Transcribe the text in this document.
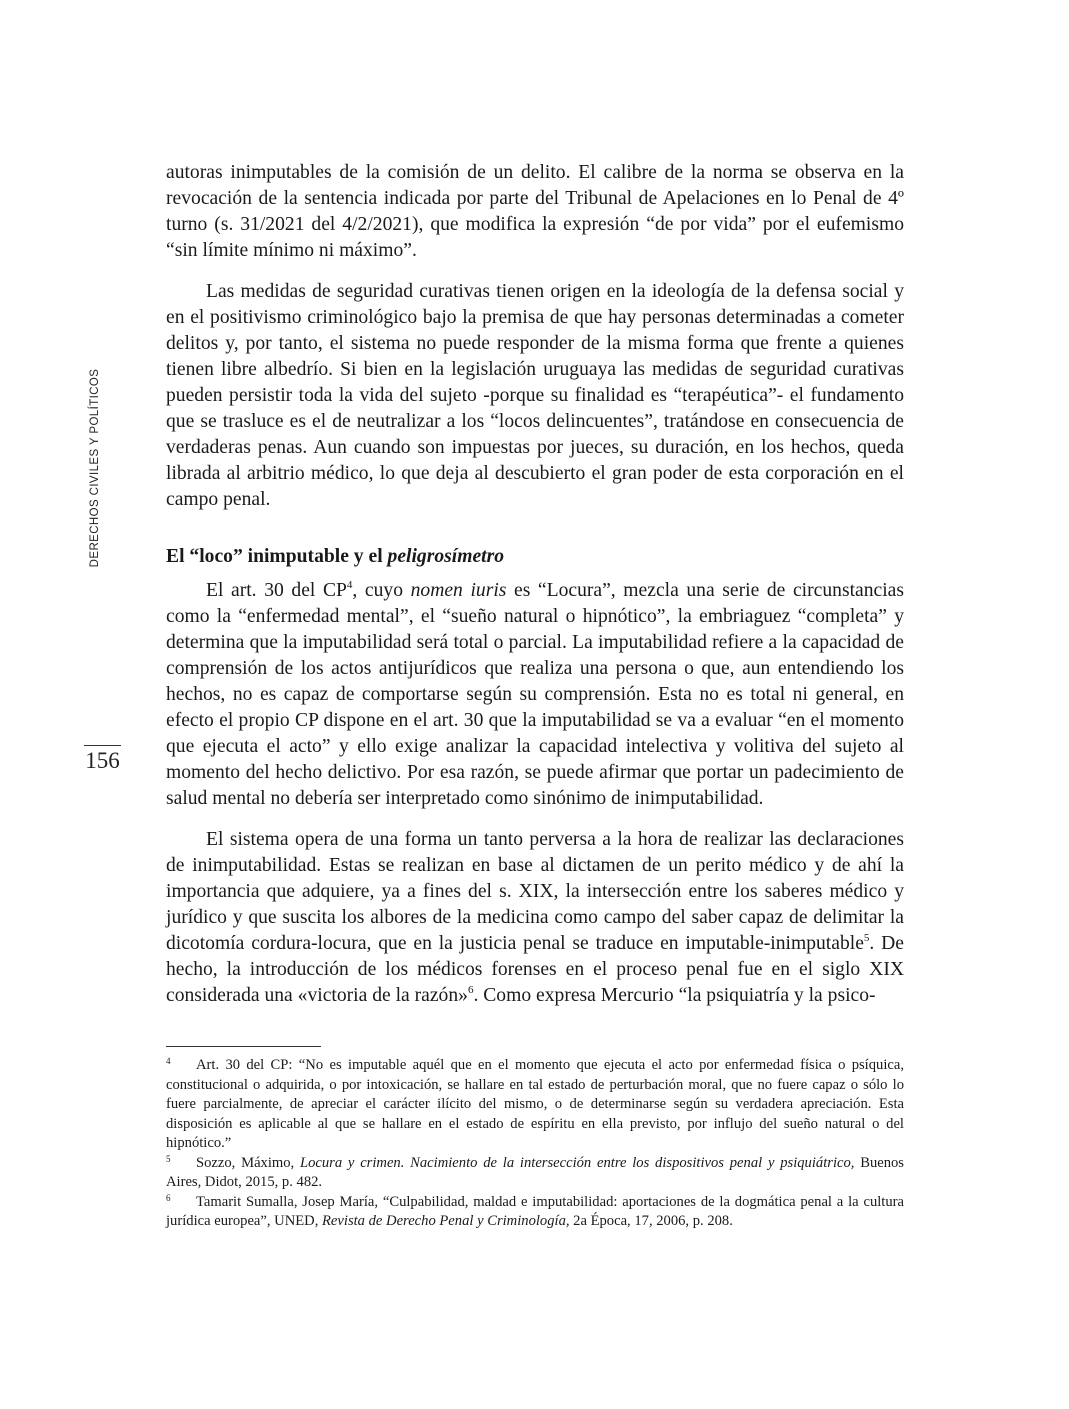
DERECHOS CIVILES Y POLÍTICOS
156

autoras inimputables de la comisión de un delito. El calibre de la norma se observa en la revocación de la sentencia indicada por parte del Tribunal de Apelaciones en lo Penal de 4º turno (s. 31/2021 del 4/2/2021), que modifica la expresión “de por vida” por el eufemismo “sin límite mínimo ni máximo”.

Las medidas de seguridad curativas tienen origen en la ideología de la defensa social y en el positivismo criminológico bajo la premisa de que hay personas determinadas a cometer delitos y, por tanto, el sistema no puede responder de la misma forma que frente a quienes tienen libre albedrío. Si bien en la legislación uruguaya las medidas de seguridad curativas pueden persistir toda la vida del sujeto -porque su finalidad es “terapéutica”- el fundamento que se trasluce es el de neutralizar a los “locos delincuentes”, tratándose en consecuencia de verdaderas penas. Aun cuando son impuestas por jueces, su duración, en los hechos, queda librada al arbitrio médico, lo que deja al descubierto el gran poder de esta corporación en el campo penal.

El “loco” inimputable y el peligrosímetro

El art. 30 del $CP^4$, cuyo nomen iuris es “Locura”, mezcla una serie de circunstancias como la “enfermedad mental”, el “sueño natural o hipnótico”, la embriaguez “completa” y determina que la imputabilidad será total o parcial. La imputabilidad refiere a la capacidad de comprensión de los actos antijurídicos que realiza una persona o que, aun entendiendo los hechos, no es capaz de comportarse según su comprensión. Esta no es total ni general, en efecto el propio CP dispone en el art. 30 que la imputabilidad se va a evaluar “en el momento que ejecuta el acto” y ello exige analizar la capacidad intelectiva y volitiva del sujeto al momento del hecho delictivo. Por esa razón, se puede afirmar que portar un padecimiento de salud mental no debería ser interpretado como sinónimo de inimputabilidad.

El sistema opera de una forma un tanto perversa a la hora de realizar las declaraciones de inimputabilidad. Estas se realizan en base al dictamen de un perito médico y de ahí la importancia que adquiere, ya a fines del s. XIX, la intersección entre los saberes médico y jurídico y que suscita los albores de la medicina como campo del saber capaz de delimitar la dicotomía cordura-locura, que en la justicia penal se traduce en imputable-inimputable$^5$. De hecho, la introducción de los médicos forenses en el proceso penal fue en el siglo XIX considerada una «victoria de la razón»$^6$. Como expresa Mercurio “la psiquiatría y la psico-

4 Art. 30 del CP: “No es imputable aquél que en el momento que ejecuta el acto por enfermedad física o psíquica, constitucional o adquirida, o por intoxicación, se hallare en tal estado de perturbación moral, que no fuere capaz o sólo lo fuere parcialmente, de apreciar el carácter ilícito del mismo, o de determinarse según su verdadera apreciación. Esta disposición es aplicable al que se hallare en el estado de espíritu en ella previsto, por influjo del sueño natural o del hipnótico.”

5 Sozzo, Máximo, Locura y crimen. Nacimiento de la intersección entre los dispositivos penal y psiquiátrico, Buenos Aires, Didot, 2015, p. 482.

6 Tamarit Sumalla, Josep María, “Culpabilidad, maldad e imputabilidad: aportaciones de la dogmática penal a la cultura jurídica europea”, UNED, Revista de Derecho Penal y Criminología, 2a Época, 17, 2006, p. 208.
